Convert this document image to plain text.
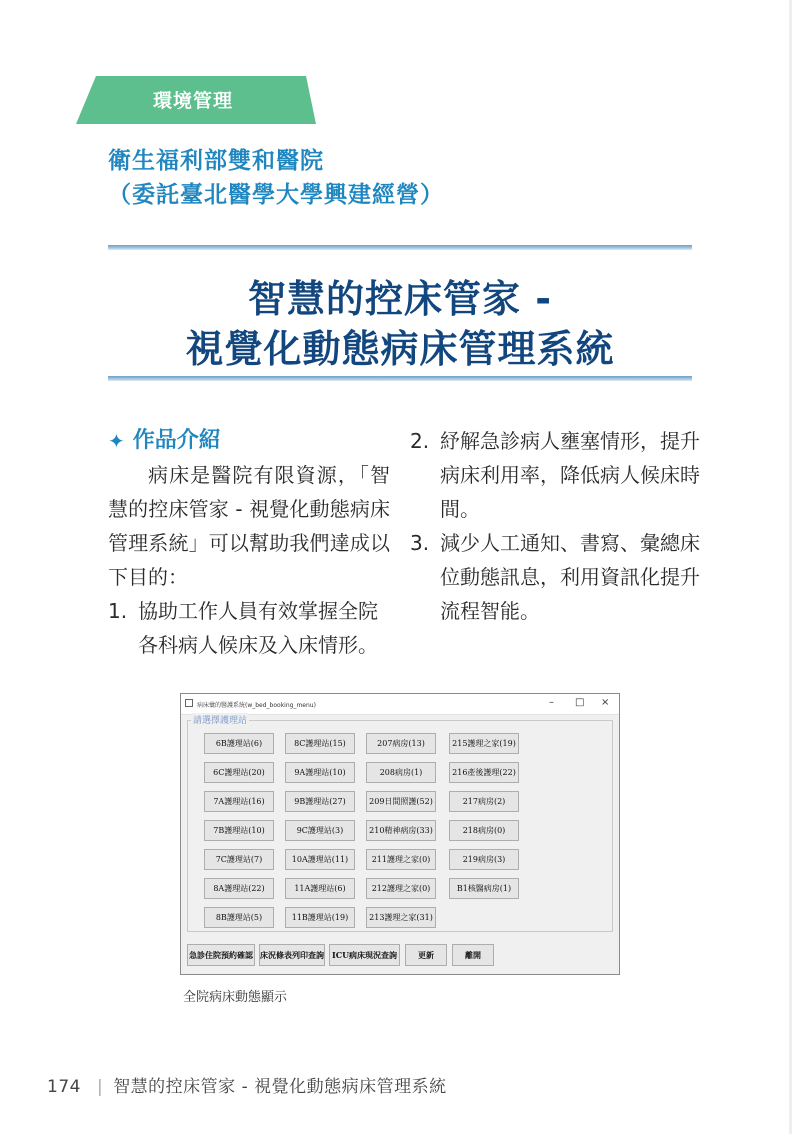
環境管理
衛生福利部雙和醫院
（委託臺北醫學大學興建經營）
智慧的控床管家 -
視覺化動態病床管理系統
✦ 作品介紹
病床是醫院有限資源，「智慧的控床管家 - 視覺化動態病床管理系統」可以幫助我們達成以下目的：
1. 協助工作人員有效掌握全院各科病人候床及入床情形。
2. 紓解急診病人壅塞情形，提升病床利用率，降低病人候床時間。
3. 減少人工通知、書寫、彙總床位動態訊息，利用資訊化提升流程智能。
病床彙的醫護系統(w_bed_booking_menu)	– □ ×
請選擇護理站
6B護理站(6)	8C護理站(15)	207病房(13)	215護理之家(19)
6C護理站(20)	9A護理站(10)	208病房(1)	216產後護理(22)
7A護理站(16)	9B護理站(27)	209日間照護(52)	217病房(2)
7B護理站(10)	9C護理站(3)	210精神病房(33)	218病房(0)
7C護理站(7)	10A護理站(11)	211護理之家(0)	219病房(3)
8A護理站(22)	11A護理站(6)	212護理之家(0)	B1核醫病房(1)
8B護理站(5)	11B護理站(19)	213護理之家(31)
急診住院預約確認 床況條表列印查詢 ICU病床現況查詢	更新	離開
全院病床動態顯示
174 | 智慧的控床管家 - 視覺化動態病床管理系統
